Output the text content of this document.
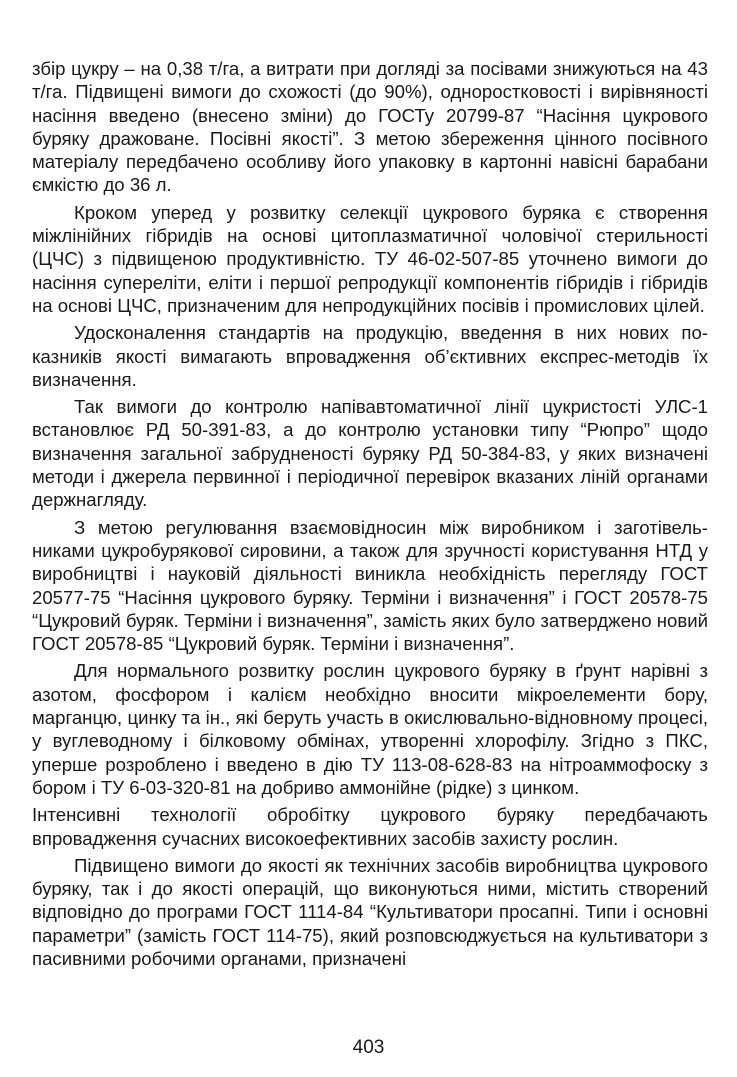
збір цукру – на 0,38 т/га, а витрати при догляді за посівами знижуються на 43 т/га. Підвищені вимоги до схожості (до 90%), одноростковості і вирівняності насіння введено (внесено зміни) до ГОСТу 20799-87 “Насіння цукрового буряку дражоване. Посівні якості”. З метою збереження цінного посівного матеріалу передбачено особливу його упаковку в картонні навісні барабани ємкістю до 36 л.

Кроком уперед у розвитку селекції цукрового буряка є створення міжлінійних гібридів на основі цитоплазматичної чоловічої стерильності (ЦЧС) з підвищеною продуктивністю. ТУ 46-02-507-85 уточнено вимоги до насіння супереліти, еліти і першої репродукції компонентів гібридів і гібридів на основі ЦЧС, призначеним для непродукційних посівів і промислових цілей.

Удосконалення стандартів на продукцію, введення в них нових показників якості вимагають впровадження об’єктивних експрес-методів їх визначення.

Так вимоги до контролю напівавтоматичної лінії цукристості УЛС-1 встановлює РД 50-391-83, а до контролю установки типу “Рюпро” щодо визначення загальної забрудненості буряку РД 50-384-83, у яких визначені методи і джерела первинної і періодичної перевірок вказаних ліній органами держнагляду.

З метою регулювання взаємовідносин між виробником і заготівельниками цукробурякової сировини, а також для зручності користування НТД у виробництві і науковій діяльності виникла необхідність перегляду ГОСТ 20577-75 “Насіння цукрового буряку. Терміни і визначення” і ГОСТ 20578-75 “Цукровий буряк. Терміни і визначення”, замість яких було затверджено новий ГОСТ 20578-85 “Цукровий буряк. Терміни і визначення”.

Для нормального розвитку рослин цукрового буряку в ґрунт нарівні з азотом, фосфором і калієм необхідно вносити мікроелементи бору, марганцю, цинку та ін., які беруть участь в окислювально-відновному процесі, у вуглеводному і білковому обмінах, утворенні хлорофілу. Згідно з ПКС, уперше розроблено і введено в дію ТУ 113-08-628-83 на нітроаммофоску з бором і ТУ 6-03-320-81 на добриво аммонійне (рідке) з цинком.

Інтенсивні технології обробітку цукрового буряку передбачають впровадження сучасних високоефективних засобів захисту рослин.

Підвищено вимоги до якості як технічних засобів виробництва цукрового буряку, так і до якості операцій, що виконуються ними, містить створений відповідно до програми ГОСТ 1114-84 “Культиватори просапні. Типи і основні параметри” (замість ГОСТ 114-75), який розповсюджується на культиватори з пасивними робочими органами, призначені

403
